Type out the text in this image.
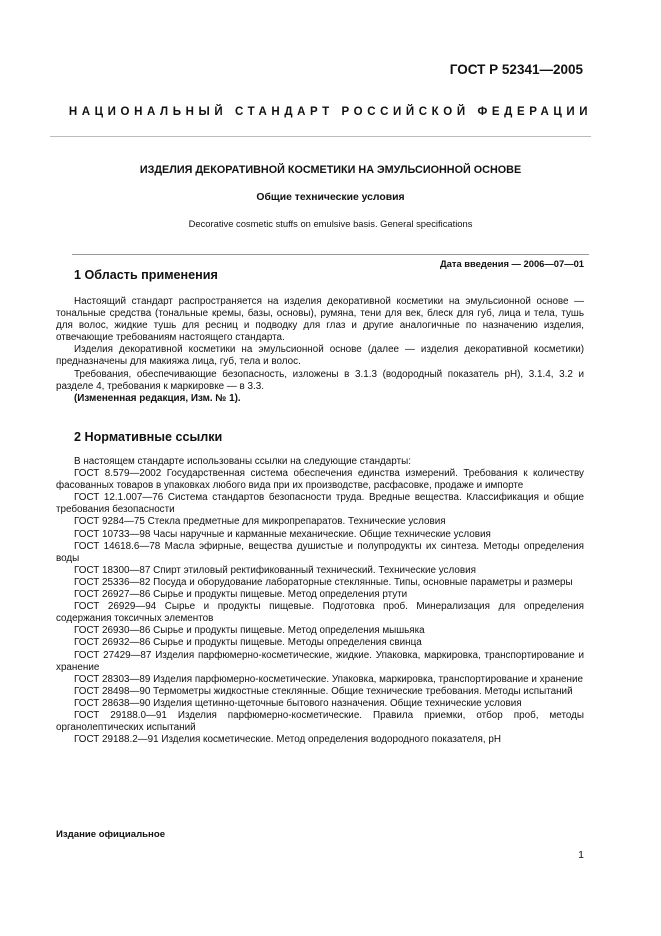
ГОСТ Р 52341—2005
НАЦИОНАЛЬНЫЙ СТАНДАРТ РОССИЙСКОЙ ФЕДЕРАЦИИ
ИЗДЕЛИЯ ДЕКОРАТИВНОЙ КОСМЕТИКИ НА ЭМУЛЬСИОННОЙ ОСНОВЕ
Общие технические условия
Decorative cosmetic stuffs on emulsive basis. General specifications
Дата введения — 2006—07—01
1 Область применения

Настоящий стандарт распространяется на изделия декоративной косметики на эмульсионной основе — тональные средства (тональные кремы, базы, основы), румяна, тени для век, блеск для губ, лица и тела, тушь для волос, жидкие тушь для ресниц и подводку для глаз и другие аналогичные по назначению изделия, отвечающие требованиям настоящего стандарта.

Изделия декоративной косметики на эмульсионной основе (далее — изделия декоративной косметики) предназначены для макияжа лица, губ, тела и волос.

Требования, обеспечивающие безопасность, изложены в 3.1.3 (водородный показатель pH), 3.1.4, 3.2 и разделе 4, требования к маркировке — в 3.3.

(Измененная редакция, Изм. № 1).

2 Нормативные ссылки

В настоящем стандарте использованы ссылки на следующие стандарты:

ГОСТ 8.579—2002 Государственная система обеспечения единства измерений. Требования к количеству фасованных товаров в упаковках любого вида при их производстве, расфасовке, продаже и импорте

ГОСТ 12.1.007—76 Система стандартов безопасности труда. Вредные вещества. Классификация и общие требования безопасности

ГОСТ 9284—75 Стекла предметные для микропрепаратов. Технические условия

ГОСТ 10733—98 Часы наручные и карманные механические. Общие технические условия

ГОСТ 14618.6—78 Масла эфирные, вещества душистые и полупродукты их синтеза. Методы определения воды

ГОСТ 18300—87 Спирт этиловый ректификованный технический. Технические условия

ГОСТ 25336—82 Посуда и оборудование лабораторные стеклянные. Типы, основные параметры и размеры

ГОСТ 26927—86 Сырье и продукты пищевые. Метод определения ртути

ГОСТ 26929—94 Сырье и продукты пищевые. Подготовка проб. Минерализация для определения содержания токсичных элементов

ГОСТ 26930—86 Сырье и продукты пищевые. Метод определения мышьяка

ГОСТ 26932—86 Сырье и продукты пищевые. Методы определения свинца

ГОСТ 27429—87 Изделия парфюмерно-косметические, жидкие. Упаковка, маркировка, транспортирование и хранение

ГОСТ 28303—89 Изделия парфюмерно-косметические. Упаковка, маркировка, транспортирование и хранение

ГОСТ 28498—90 Термометры жидкостные стеклянные. Общие технические требования. Методы испытаний

ГОСТ 28638—90 Изделия щетинно-щеточные бытового назначения. Общие технические условия

ГОСТ 29188.0—91 Изделия парфюмерно-косметические. Правила приемки, отбор проб, методы органолептических испытаний

ГОСТ 29188.2—91 Изделия косметические. Метод определения водородного показателя, pH

Издание официальное
1
